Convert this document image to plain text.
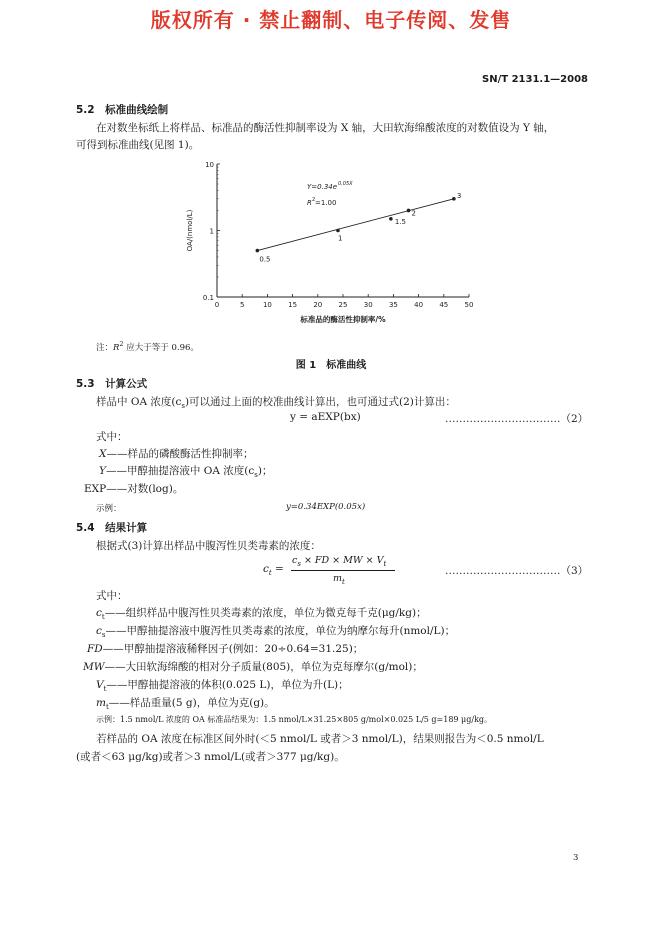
版权所有 · 禁止翻制、电子传阅、发售
SN/T 2131.1—2008
5.2　标准曲线绘制
在对数坐标纸上将样品、标准品的酶活性抑制率设为 X 轴，大田软海绵酸浓度的对数值设为 Y 轴，
可得到标准曲线(见图 1)。
0	5	10 15 20 25 30 35 40 45 50
0.1
1
10
标准品的酶活性抑制率/%
OA/(nmol/L)
0.5
1
1.5
2
3
Y=0.34e 0.05X
R 2 =1.00
注：$R^2$ 应大于等于 0.96。
图 1　标准曲线
5.3　计算公式
样品中 OA 浓度$(c_s)$可以通过上面的校准曲线计算出，也可通过式(2)计算出：
y = aEXP(bx)	……………………………（2）
式中：
X——样品的磷酸酶活性抑制率；
Y——甲醇抽提溶液中 OA 浓度$(c_s)$；
EXP——对数(log)。
示例：	y=0.34EXP(0.05x)
5.4　结果计算
根据式(3)计算出样品中腹泻性贝类毒素的浓度：
$c_t$ =
$c_s$ × FD × MW × $V_t$
$m_t$
……………………………（3）
式中：
$c_t——$组织样品中腹泻性贝类毒素的浓度，单位为微克每千克(μg/kg)；
$c_s——$甲醇抽提溶液中腹泻性贝类毒素的浓度，单位为纳摩尔每升(nmol/L)；
FD——甲醇抽提溶液稀释因子(例如：20÷0.64=31.25)；
MW——大田软海绵酸的相对分子质量(805)，单位为克每摩尔(g/mol)；
$V_t——$甲醇抽提溶液的体积(0.025 L)，单位为升(L)；
$m_t——$样品重量(5 g)，单位为克(g)。
示例：1.5 nmol/L 浓度的 OA 标准品结果为：1.5 nmol/L×31.25×805 g/mol×0.025 L/5 g=189 μg/kg。
若样品的 OA 浓度在标准区间外时(＜5 nmol/L 或者＞3 nmol/L)，结果则报告为＜0.5 nmol/L
(或者＜63 μg/kg)或者＞3 nmol/L(或者＞377 μg/kg)。
3
